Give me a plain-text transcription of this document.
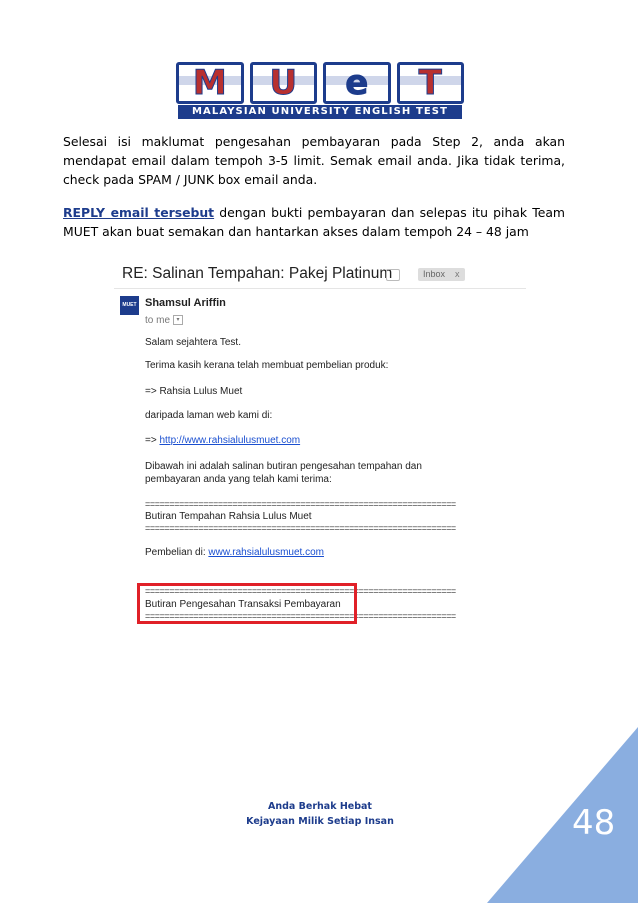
M U e T
MALAYSIAN UNIVERSITY ENGLISH TEST
Selesai isi maklumat pengesahan pembayaran pada Step 2, anda akan mendapat email dalam tempoh 3-5 limit. Semak email anda. Jika tidak terima, check pada SPAM / JUNK box email anda.
REPLY email tersebut dengan bukti pembayaran dan selepas itu pihak Team MUET akan buat semakan dan hantarkan akses dalam tempoh 24 – 48 jam
RE: Salinan Tempahan: Pakej Platinum	Inbox x
MUET Shamsul Ariffin
to me ▾
Salam sejahtera Test.
Terima kasih kerana telah membuat pembelian produk:
=> Rahsia Lulus Muet
daripada laman web kami di:
=> http://www.rahsialulusmuet.com
Dibawah ini adalah salinan butiran pengesahan tempahan dan
pembayaran anda yang telah kami terima:
================================================================
Butiran Tempahan Rahsia Lulus Muet
================================================================
Pembelian di: www.rahsialulusmuet.com
================================================================
Butiran Pengesahan Transaksi Pembayaran
================================================================
Anda Berhak Hebat
Kejayaan Milik Setiap Insan	48
